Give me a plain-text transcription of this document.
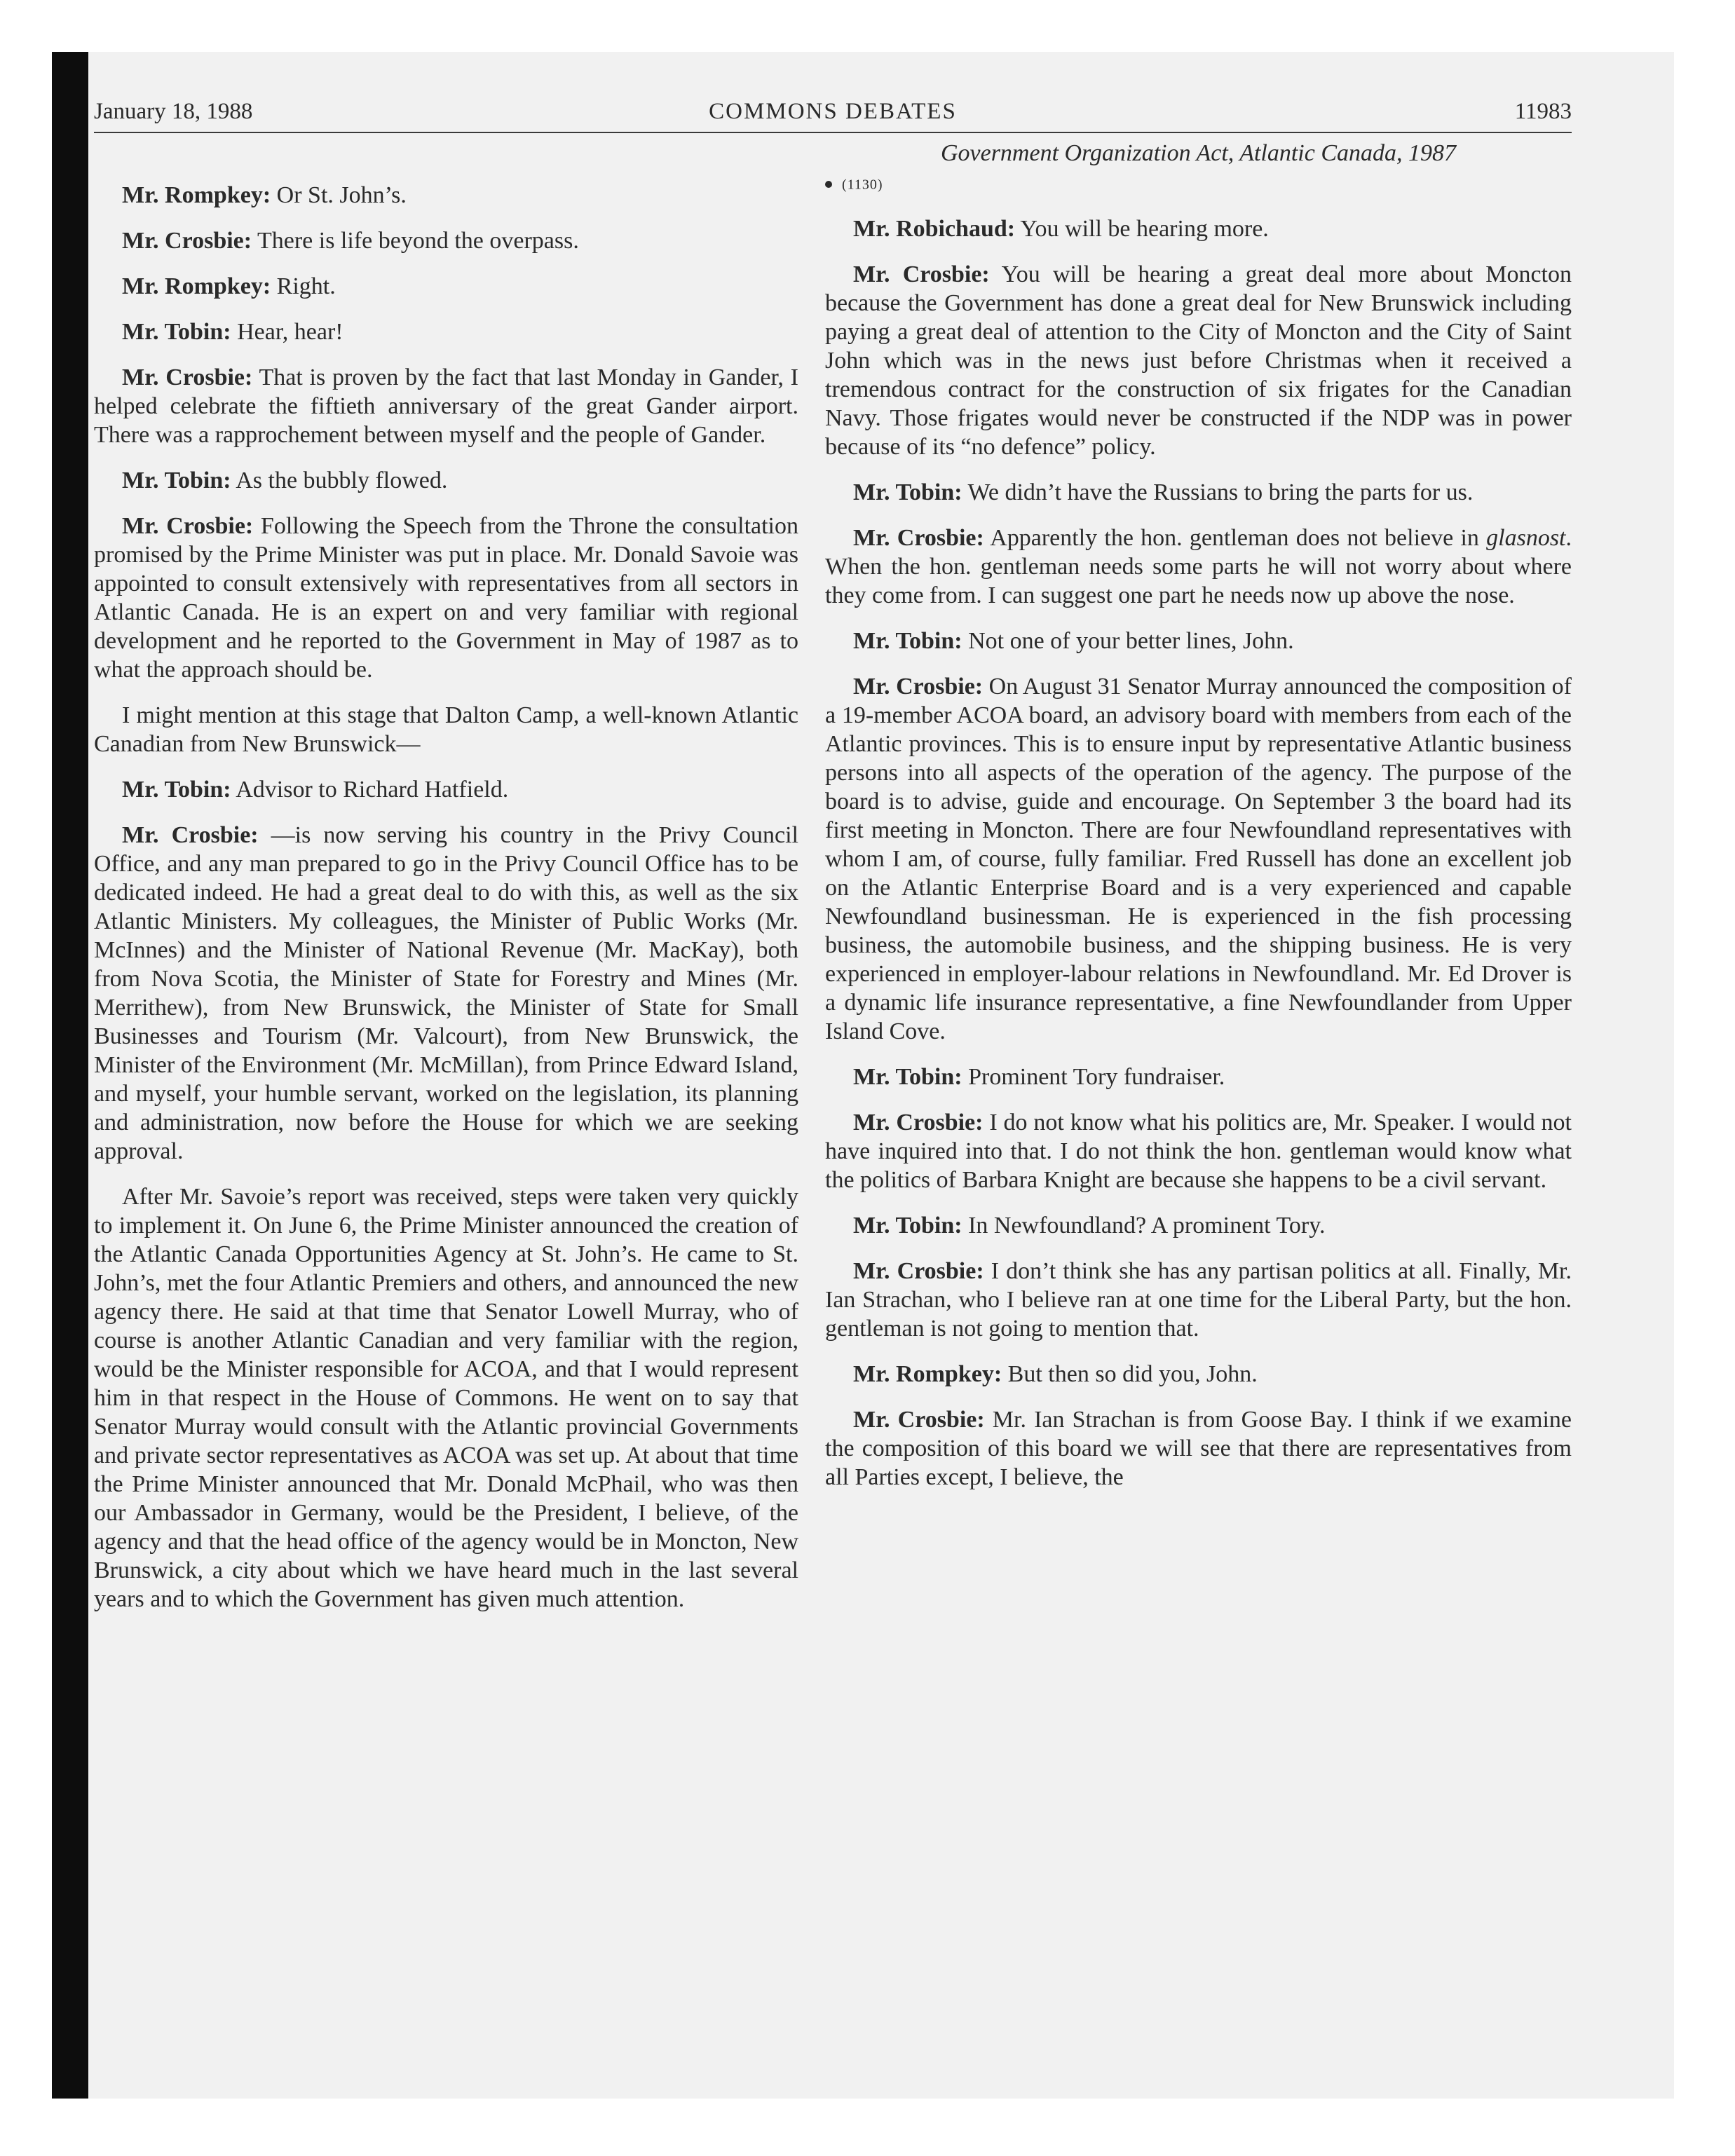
January 18, 1988	COMMONS DEBATES	11983

Mr. Rompkey: Or St. John’s.

Mr. Crosbie: There is life beyond the overpass.

Mr. Rompkey: Right.

Mr. Tobin: Hear, hear!

Mr. Crosbie: That is proven by the fact that last Monday in Gander, I helped celebrate the fiftieth anniversary of the great Gander airport. There was a rapprochement between myself and the people of Gander.

Mr. Tobin: As the bubbly flowed.

Mr. Crosbie: Following the Speech from the Throne the consultation promised by the Prime Minister was put in place. Mr. Donald Savoie was appointed to consult extensively with representatives from all sectors in Atlantic Canada. He is an expert on and very familiar with regional development and he reported to the Government in May of 1987 as to what the approach should be.

I might mention at this stage that Dalton Camp, a well-known Atlantic Canadian from New Brunswick—

Mr. Tobin: Advisor to Richard Hatfield.

Mr. Crosbie: —is now serving his country in the Privy Council Office, and any man prepared to go in the Privy Council Office has to be dedicated indeed. He had a great deal to do with this, as well as the six Atlantic Ministers. My colleagues, the Minister of Public Works (Mr. McInnes) and the Minister of National Revenue (Mr. MacKay), both from Nova Scotia, the Minister of State for Forestry and Mines (Mr. Merrithew), from New Brunswick, the Minister of State for Small Businesses and Tourism (Mr. Valcourt), from New Brunswick, the Minister of the Environment (Mr. McMillan), from Prince Edward Island, and myself, your humble servant, worked on the legislation, its planning and administration, now before the House for which we are seeking approval.

After Mr. Savoie’s report was received, steps were taken very quickly to implement it. On June 6, the Prime Minister announced the creation of the Atlantic Canada Opportunities Agency at St. John’s. He came to St. John’s, met the four Atlantic Premiers and others, and announced the new agency there. He said at that time that Senator Lowell Murray, who of course is another Atlantic Canadian and very familiar with the region, would be the Minister responsible for ACOA, and that I would represent him in that respect in the House of Commons. He went on to say that Senator Murray would consult with the Atlantic provincial Governments and private sector representatives as ACOA was set up. At about that time the Prime Minister announced that Mr. Donald McPhail, who was then our Ambassador in Germany, would be the President, I believe, of the agency and that the head office of the agency would be in Moncton, New Brunswick, a city about which we have heard much in the last several years and to which the Government has given much attention.

Government Organization Act, Atlantic Canada, 1987
(1130)

Mr. Robichaud: You will be hearing more.

Mr. Crosbie: You will be hearing a great deal more about Moncton because the Government has done a great deal for New Brunswick including paying a great deal of attention to the City of Moncton and the City of Saint John which was in the news just before Christmas when it received a tremendous contract for the construction of six frigates for the Canadian Navy. Those frigates would never be constructed if the NDP was in power because of its “no defence” policy.

Mr. Tobin: We didn’t have the Russians to bring the parts for us.

Mr. Crosbie: Apparently the hon. gentleman does not believe in glasnost. When the hon. gentleman needs some parts he will not worry about where they come from. I can suggest one part he needs now up above the nose.

Mr. Tobin: Not one of your better lines, John.

Mr. Crosbie: On August 31 Senator Murray announced the composition of a 19-member ACOA board, an advisory board with members from each of the Atlantic provinces. This is to ensure input by representative Atlantic business persons into all aspects of the operation of the agency. The purpose of the board is to advise, guide and encourage. On September 3 the board had its first meeting in Moncton. There are four Newfoundland representatives with whom I am, of course, fully familiar. Fred Russell has done an excellent job on the Atlantic Enterprise Board and is a very experienced and capable Newfoundland businessman. He is experienced in the fish processing business, the automobile business, and the shipping business. He is very experienced in employer-labour relations in Newfoundland. Mr. Ed Drover is a dynamic life insurance representative, a fine Newfoundlander from Upper Island Cove.

Mr. Tobin: Prominent Tory fundraiser.

Mr. Crosbie: I do not know what his politics are, Mr. Speaker. I would not have inquired into that. I do not think the hon. gentleman would know what the politics of Barbara Knight are because she happens to be a civil servant.

Mr. Tobin: In Newfoundland? A prominent Tory.

Mr. Crosbie: I don’t think she has any partisan politics at all. Finally, Mr. Ian Strachan, who I believe ran at one time for the Liberal Party, but the hon. gentleman is not going to mention that.

Mr. Rompkey: But then so did you, John.

Mr. Crosbie: Mr. Ian Strachan is from Goose Bay. I think if we examine the composition of this board we will see that there are representatives from all Parties except, I believe, the
